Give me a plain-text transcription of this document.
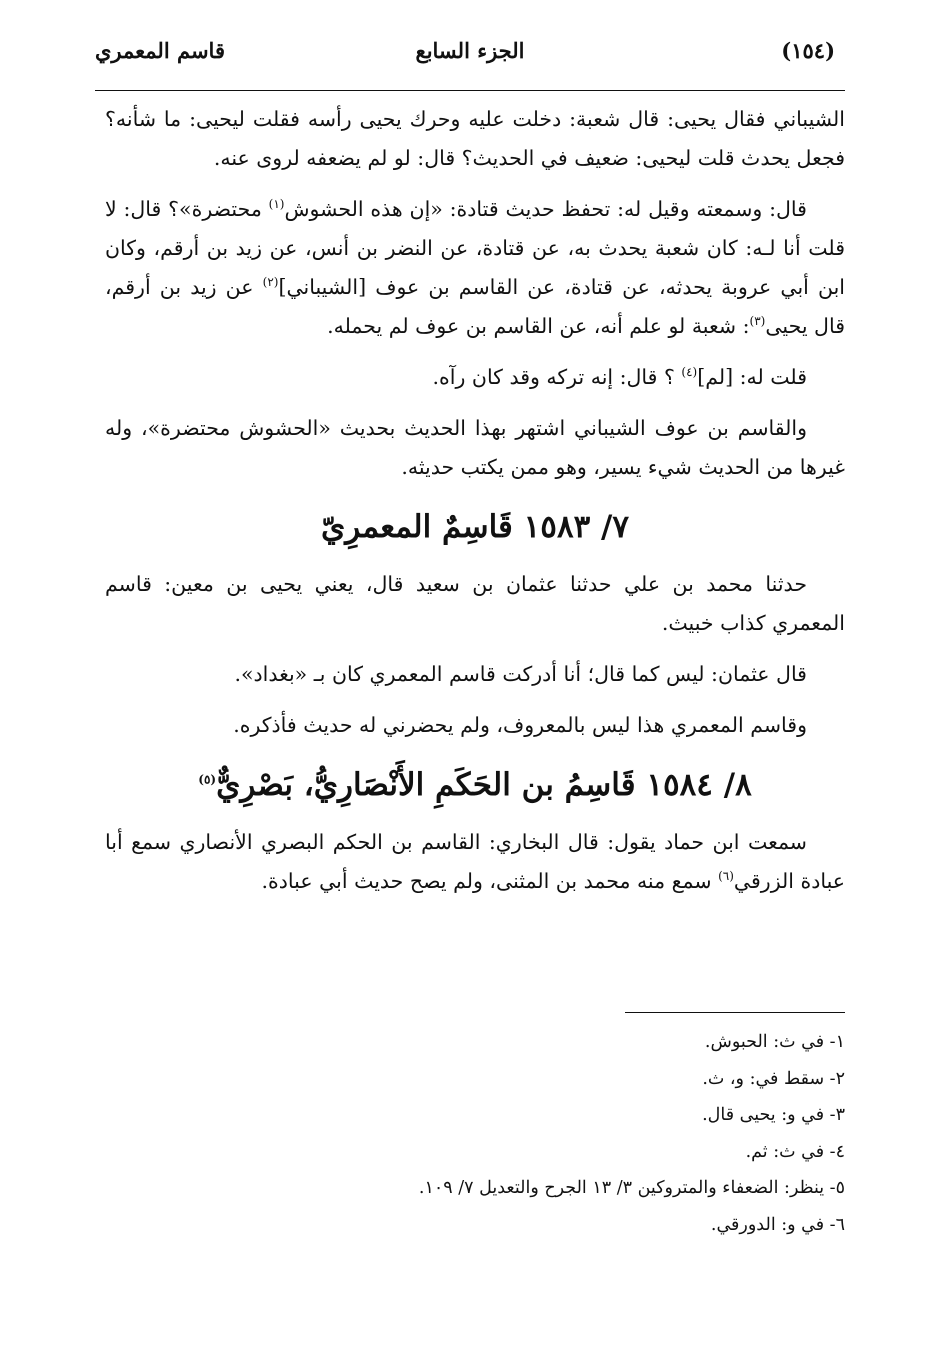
(١٥٤)
الجزء السابع
قاسم المعمري

الشيباني فقال يحيى: قال شعبة: دخلت عليه وحرك يحيى رأسه فقلت ليحيى: ما شأنه؟ فجعل يحدث قلت ليحيى: ضعيف في الحديث؟ قال: لو لم يضعفه لروى عنه.

قال: وسمعته وقيل له: تحفظ حديث قتادة: «إن هذه الحشوش$^{(١)}$ محتضرة»؟ قال: لا قلت أنا لـه: كان شعبة يحدث به، عن قتادة، عن النضر بن أنس، عن زيد بن أرقم، وكان ابن أبي عروبة يحدثه، عن قتادة، عن القاسم بن عوف [الشيباني]$^{(٢)}$ عن زيد بن أرقم، قال يحيى$^{(٣)}$: شعبة لو علم أنه، عن القاسم بن عوف لم يحمله.

قلت له: [لم]$^{(٤)}$ ؟ قال: إنه تركه وقد كان رآه.

والقاسم بن عوف الشيباني اشتهر بهذا الحديث بحديث «الحشوش محتضرة»، وله غيرها من الحديث شيء يسير، وهو ممن يكتب حديثه.

٧/ ١٥٨٣ قَاسِمٌ المعمرِيّ

حدثنا محمد بن علي حدثنا عثمان بن سعيد قال، يعني يحيى بن معين: قاسم المعمري كذاب خبيث.

قال عثمان: ليس كما قال؛ أنا أدركت قاسم المعمري كان بـ «بغداد».

وقاسم المعمري هذا ليس بالمعروف، ولم يحضرني له حديث فأذكره.

٨/ ١٥٨٤ قَاسِمُ بن الحَكَمِ الأَنْصَارِيُّ، بَصْرِيٌّ$^{(٥)}$

سمعت ابن حماد يقول: قال البخاري: القاسم بن الحكم البصري الأنصاري سمع أبا عبادة الزرقي$^{(٦)}$ سمع منه محمد بن المثنى، ولم يصح حديث أبي عبادة.

١- في ث: الحبوش.
٢- سقط في: و، ث.
٣- في و: يحيى قال.
٤- في ث: ثم.
٥- ينظر: الضعفاء والمتروكين ٣/ ١٣ الجرح والتعديل ٧/ ١٠٩.
٦- في و: الدورقي.
